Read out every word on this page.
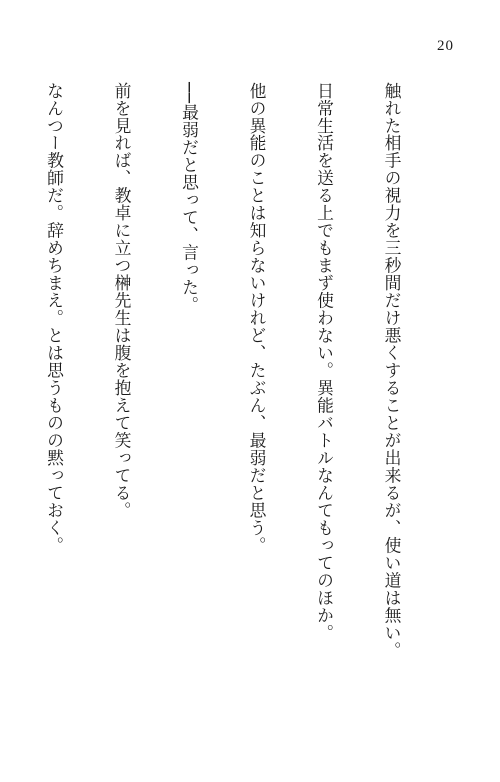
20

触れた相手の視力を三秒間だけ悪くすることが出来るが、使い道は無い。

日常生活を送る上でもまず使わない。異能バトルなんてもってのほか。

他の異能のことは知らないけれど、たぶん、最弱だと思う。

──最弱だと思って、言った。

前を見れば、教卓に立つ榊先生は腹を抱えて笑ってる。

なんつー教師だ。辞めちまえ。とは思うものの黙っておく。
